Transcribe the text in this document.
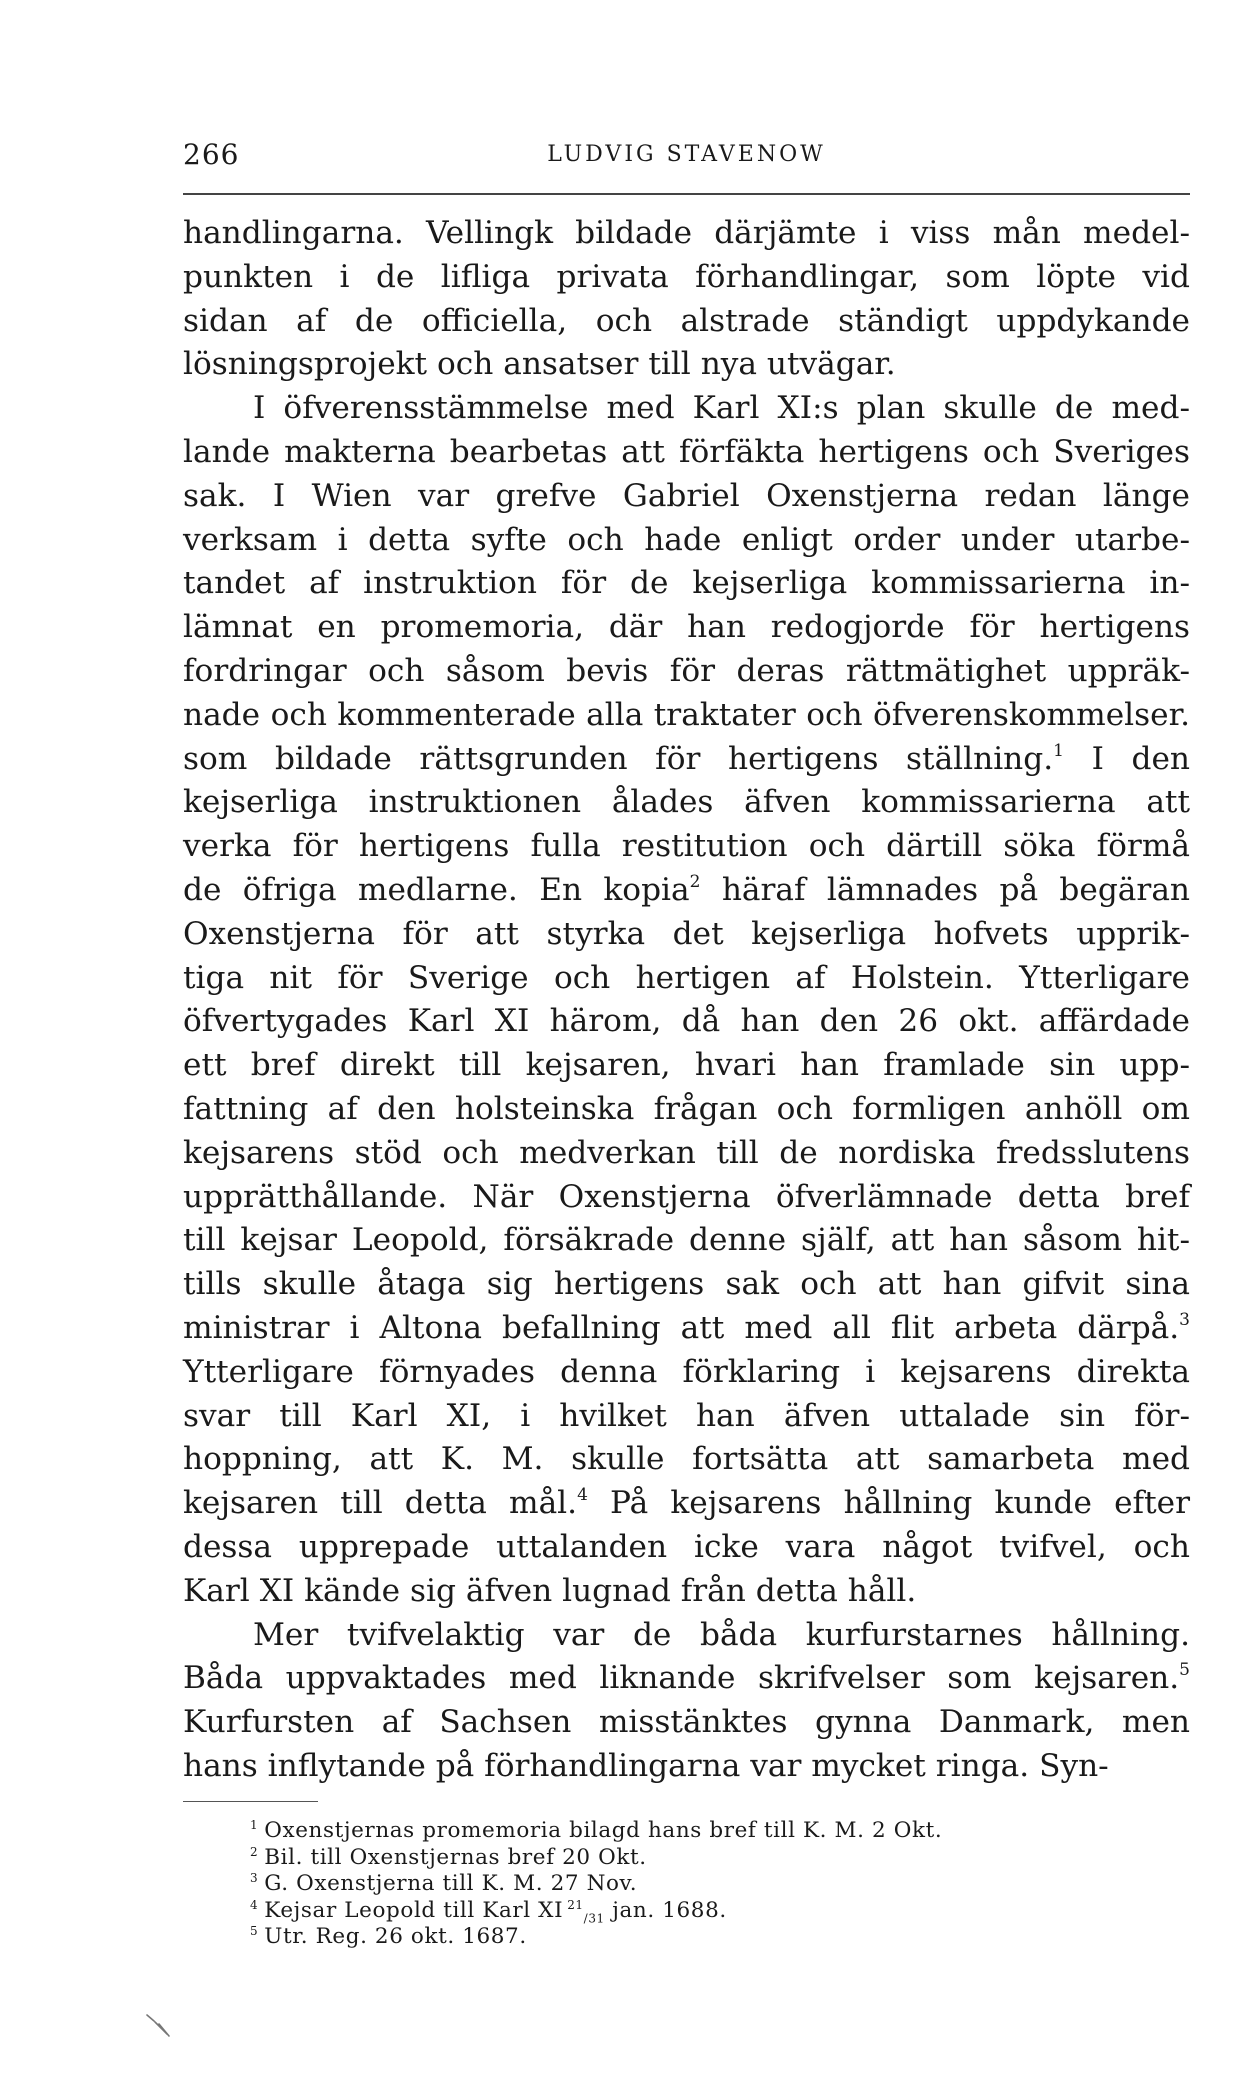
266	LUDVIG STAVENOW
handlingarna. Vellingk bildade därjämte i viss mån medel-
punkten i de lifliga privata förhandlingar, som löpte vid
sidan af de officiella, och alstrade ständigt uppdykande
lösningsprojekt och ansatser till nya utvägar.
I öfverensstämmelse med Karl XI:s plan skulle de med-
lande makterna bearbetas att förfäkta hertigens och Sveriges
sak. I Wien var grefve Gabriel Oxenstjerna redan länge
verksam i detta syfte och hade enligt order under utarbe-
tandet af instruktion för de kejserliga kommissarierna in-
lämnat en promemoria, där han redogjorde för hertigens
fordringar och såsom bevis för deras rättmätighet uppräk-
nade och kommenterade alla traktater och öfverenskommelser.
som bildade rättsgrunden för hertigens ställning.$^1$ I den
kejserliga instruktionen ålades äfven kommissarierna att
verka för hertigens fulla restitution och därtill söka förmå
de öfriga medlarne. En kopia$^2$ häraf lämnades på begäran
Oxenstjerna för att styrka det kejserliga hofvets upprik-
tiga nit för Sverige och hertigen af Holstein. Ytterligare
öfvertygades Karl XI härom, då han den 26 okt. affärdade
ett bref direkt till kejsaren, hvari han framlade sin upp-
fattning af den holsteinska frågan och formligen anhöll om
kejsarens stöd och medverkan till de nordiska fredsslutens
upprätthållande. När Oxenstjerna öfverlämnade detta bref
till kejsar Leopold, försäkrade denne själf, att han såsom hit-
tills skulle åtaga sig hertigens sak och att han gifvit sina
ministrar i Altona befallning att med all flit arbeta därpå.$^3$
Ytterligare förnyades denna förklaring i kejsarens direkta
svar till Karl XI, i hvilket han äfven uttalade sin för-
hoppning, att K. M. skulle fortsätta att samarbeta med
kejsaren till detta mål.$^4$ På kejsarens hållning kunde efter
dessa upprepade uttalanden icke vara något tvifvel, och
Karl XI kände sig äfven lugnad från detta håll.
Mer tvifvelaktig var de båda kurfurstarnes hållning.
Båda uppvaktades med liknande skrifvelser som kejsaren.$^5$
Kurfursten af Sachsen misstänktes gynna Danmark, men
hans inflytande på förhandlingarna var mycket ringa. Syn-
$^1$ Oxenstjernas promemoria bilagd hans bref till K. M. 2 Okt.
$^2$ Bil. till Oxenstjernas bref 20 Okt.
$^3$ G. Oxenstjerna till K. M. 27 Nov.
$^4$ Kejsar Leopold till Karl XI $^{21}_{/31}$ jan. 1688.
$^5$ Utr. Reg. 26 okt. 1687.
